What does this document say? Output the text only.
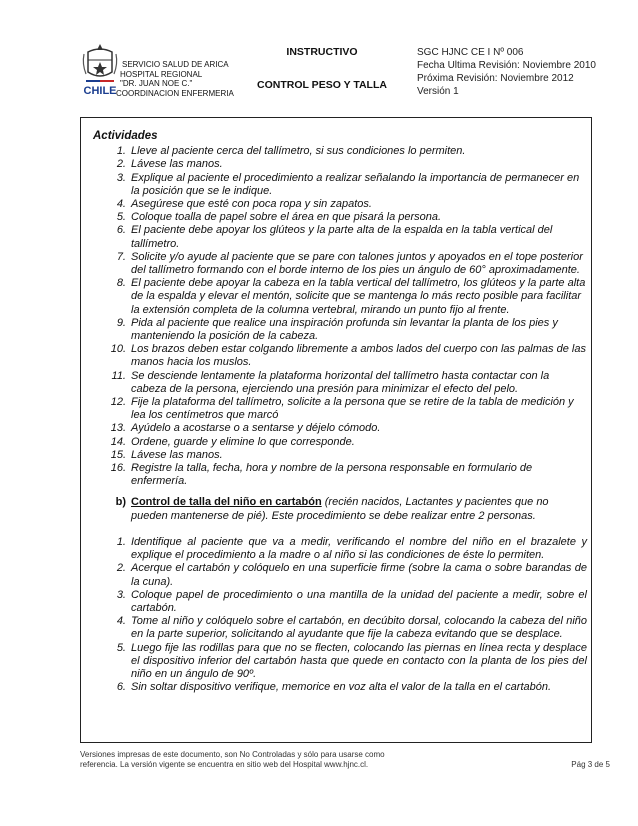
CHILE
SERVICIO SALUD DE ARICA
HOSPITAL REGIONAL
"DR. JUAN NOE C."
COORDINACION ENFERMERIA
INSTRUCTIVO
CONTROL PESO Y TALLA
SGC HJNC CE I Nº 006
Fecha Ultima Revisión: Noviembre 2010
Próxima Revisión: Noviembre 2012
Versión 1
Actividades
1. Lleve al paciente cerca del tallímetro, si sus condiciones lo permiten.
2. Lávese las manos.
3. Explique al paciente el procedimiento a realizar señalando la importancia de permanecer en la posición que se le indique.
4. Asegúrese que esté con poca ropa y sin zapatos.
5. Coloque toalla de papel sobre el área en que pisará la persona.
6. El paciente debe apoyar los glúteos y la parte alta de la espalda en la tabla vertical del tallímetro.
7. Solicite y/o ayude al paciente que se pare con talones juntos y apoyados en el tope posterior del tallímetro formando con el borde interno de los pies un ángulo de 60° aproximadamente.
8. El paciente debe apoyar la cabeza en la tabla vertical del tallímetro, los glúteos y la parte alta de la espalda y elevar el mentón, solicite que se mantenga lo más recto posible para facilitar la extensión completa de la columna vertebral, mirando un punto fijo al frente.
9. Pida al paciente que realice una inspiración profunda sin levantar la planta de los pies y manteniendo la posición de la cabeza.
10. Los brazos deben estar colgando libremente a ambos lados del cuerpo con las palmas de las manos hacia los muslos.
11. Se desciende lentamente la plataforma horizontal del tallímetro hasta contactar con la cabeza de la persona, ejerciendo una presión para minimizar el efecto del pelo.
12. Fije la plataforma del tallímetro, solicite a la persona que se retire de la tabla de medición y lea los centímetros que marcó
13. Ayúdelo a acostarse o a sentarse y déjelo cómodo.
14. Ordene, guarde y elimine lo que corresponde.
15. Lávese las manos.
16. Registre la talla, fecha, hora y nombre de la persona responsable en formulario de enfermería.
b) Control de talla del niño en cartabón (recién nacidos, Lactantes y pacientes que no pueden mantenerse de pié). Este procedimiento se debe realizar entre 2 personas.
1. Identifique al paciente que va a medir, verificando el nombre del niño en el brazalete y explique el procedimiento a la madre o al niño si las condiciones de éste lo permiten.
2. Acerque el cartabón y colóquelo en una superficie firme (sobre la cama o sobre barandas de la cuna).
3. Coloque papel de procedimiento o una mantilla de la unidad del paciente a medir, sobre el cartabón.
4. Tome al niño y colóquelo sobre el cartabón, en decúbito dorsal, colocando la cabeza del niño en la parte superior, solicitando al ayudante que fije la cabeza evitando que se desplace.
5. Luego fije las rodillas para que no se flecten, colocando las piernas en línea recta y desplace el dispositivo inferior del cartabón hasta que quede en contacto con la planta de los pies del niño en un ángulo de 90º.
6. Sin soltar dispositivo verifique, memorice en voz alta el valor de la talla en el cartabón.
Versiones impresas de este documento, son No Controladas y sólo para usarse como
referencia. La versión vigente se encuentra en sitio web del Hospital www.hjnc.cl.	Pág 3 de 5
